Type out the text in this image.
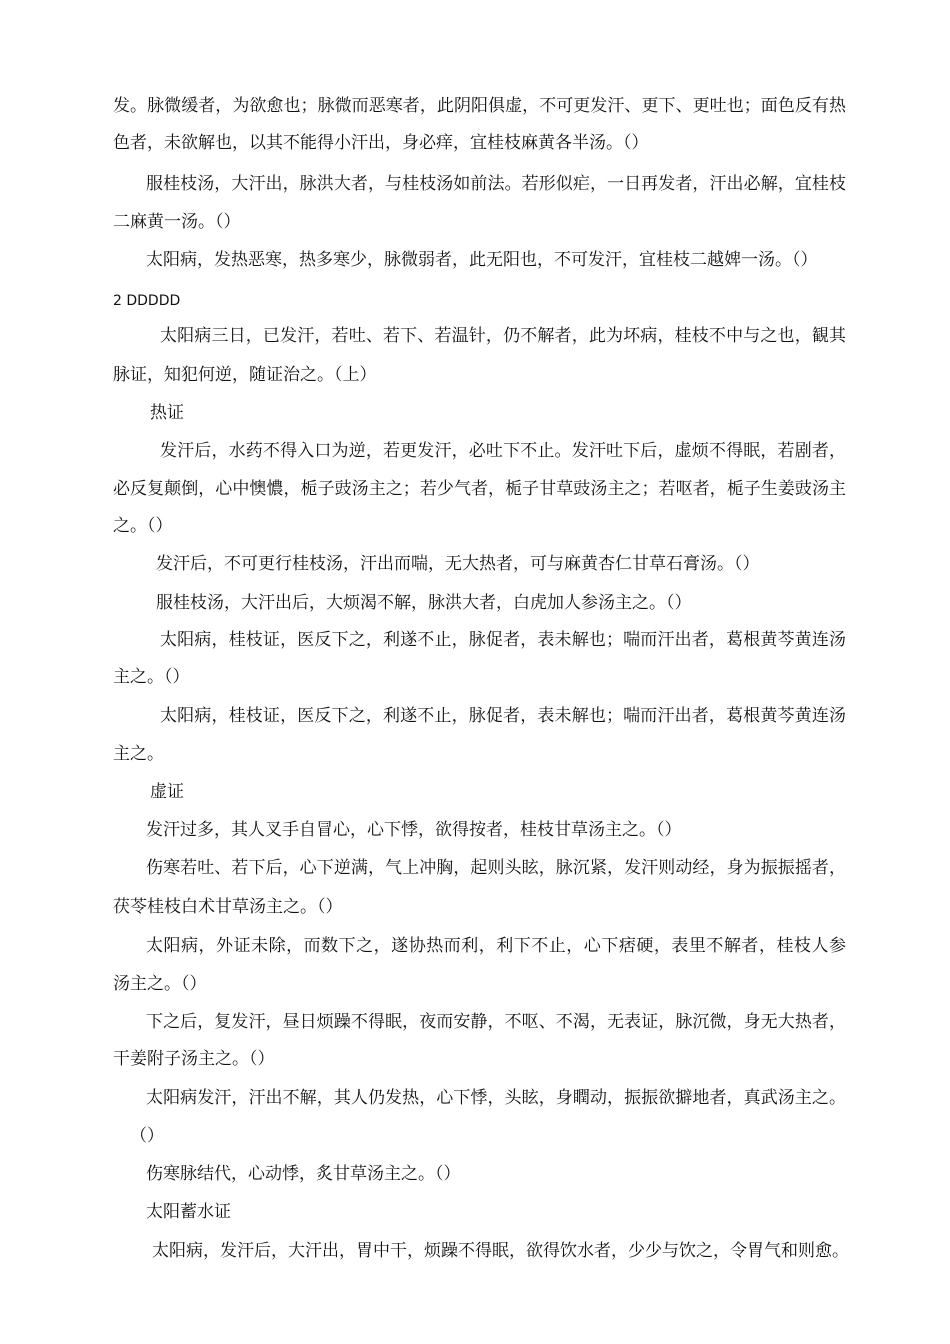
发。脉微缓者，为欲愈也；脉微而恶寒者，此阴阳俱虚，不可更发汗、更下、更吐也；面色反有热
色者，未欲解也，以其不能得小汗出，身必痒，宜桂枝麻黄各半汤。（）
服桂枝汤，大汗出，脉洪大者，与桂枝汤如前法。若形似疟，一日再发者，汗出必解，宜桂枝
二麻黄一汤。（）
太阳病，发热恶寒，热多寒少，脉微弱者，此无阳也，不可发汗，宜桂枝二越婢一汤。（）
2 DDDDD
太阳病三日，已发汗，若吐、若下、若温针，仍不解者，此为坏病，桂枝不中与之也，観其
脉证，知犯何逆，随证治之。（上）
热证
发汗后，水药不得入口为逆，若更发汗，必吐下不止。发汗吐下后，虚烦不得眠，若剧者，
必反复颠倒，心中懊憹，栀子豉汤主之；若少气者，栀子甘草豉汤主之；若呕者，栀子生姜豉汤主
之。（）
发汗后，不可更行桂枝汤，汗出而喘，无大热者，可与麻黄杏仁甘草石膏汤。（）
服桂枝汤，大汗出后，大烦渴不解，脉洪大者，白虎加人参汤主之。（）
太阳病，桂枝证，医反下之，利遂不止，脉促者，表未解也；喘而汗出者，葛根黄芩黄连汤
主之。（）
太阳病，桂枝证，医反下之，利遂不止，脉促者，表未解也；喘而汗出者，葛根黄芩黄连汤
主之。
虚证
发汗过多，其人叉手自冒心，心下悸，欲得按者，桂枝甘草汤主之。（）
伤寒若吐、若下后，心下逆满，气上冲胸，起则头眩，脉沉紧，发汗则动经，身为振振摇者，
茯苓桂枝白术甘草汤主之。（）
太阳病，外证未除，而数下之，遂协热而利，利下不止，心下痞硬，表里不解者，桂枝人参
汤主之。（）
下之后，复发汗，昼日烦躁不得眠，夜而安静，不呕、不渴，无表证，脉沉微，身无大热者，
干姜附子汤主之。（）
太阳病发汗，汗出不解，其人仍发热，心下悸，头眩，身瞤动，振振欲擗地者，真武汤主之。
（）
伤寒脉结代，心动悸，炙甘草汤主之。（）
太阳蓄水证
太阳病，发汗后，大汗出，胃中干，烦躁不得眠，欲得饮水者，少少与饮之，令胃气和则愈。
